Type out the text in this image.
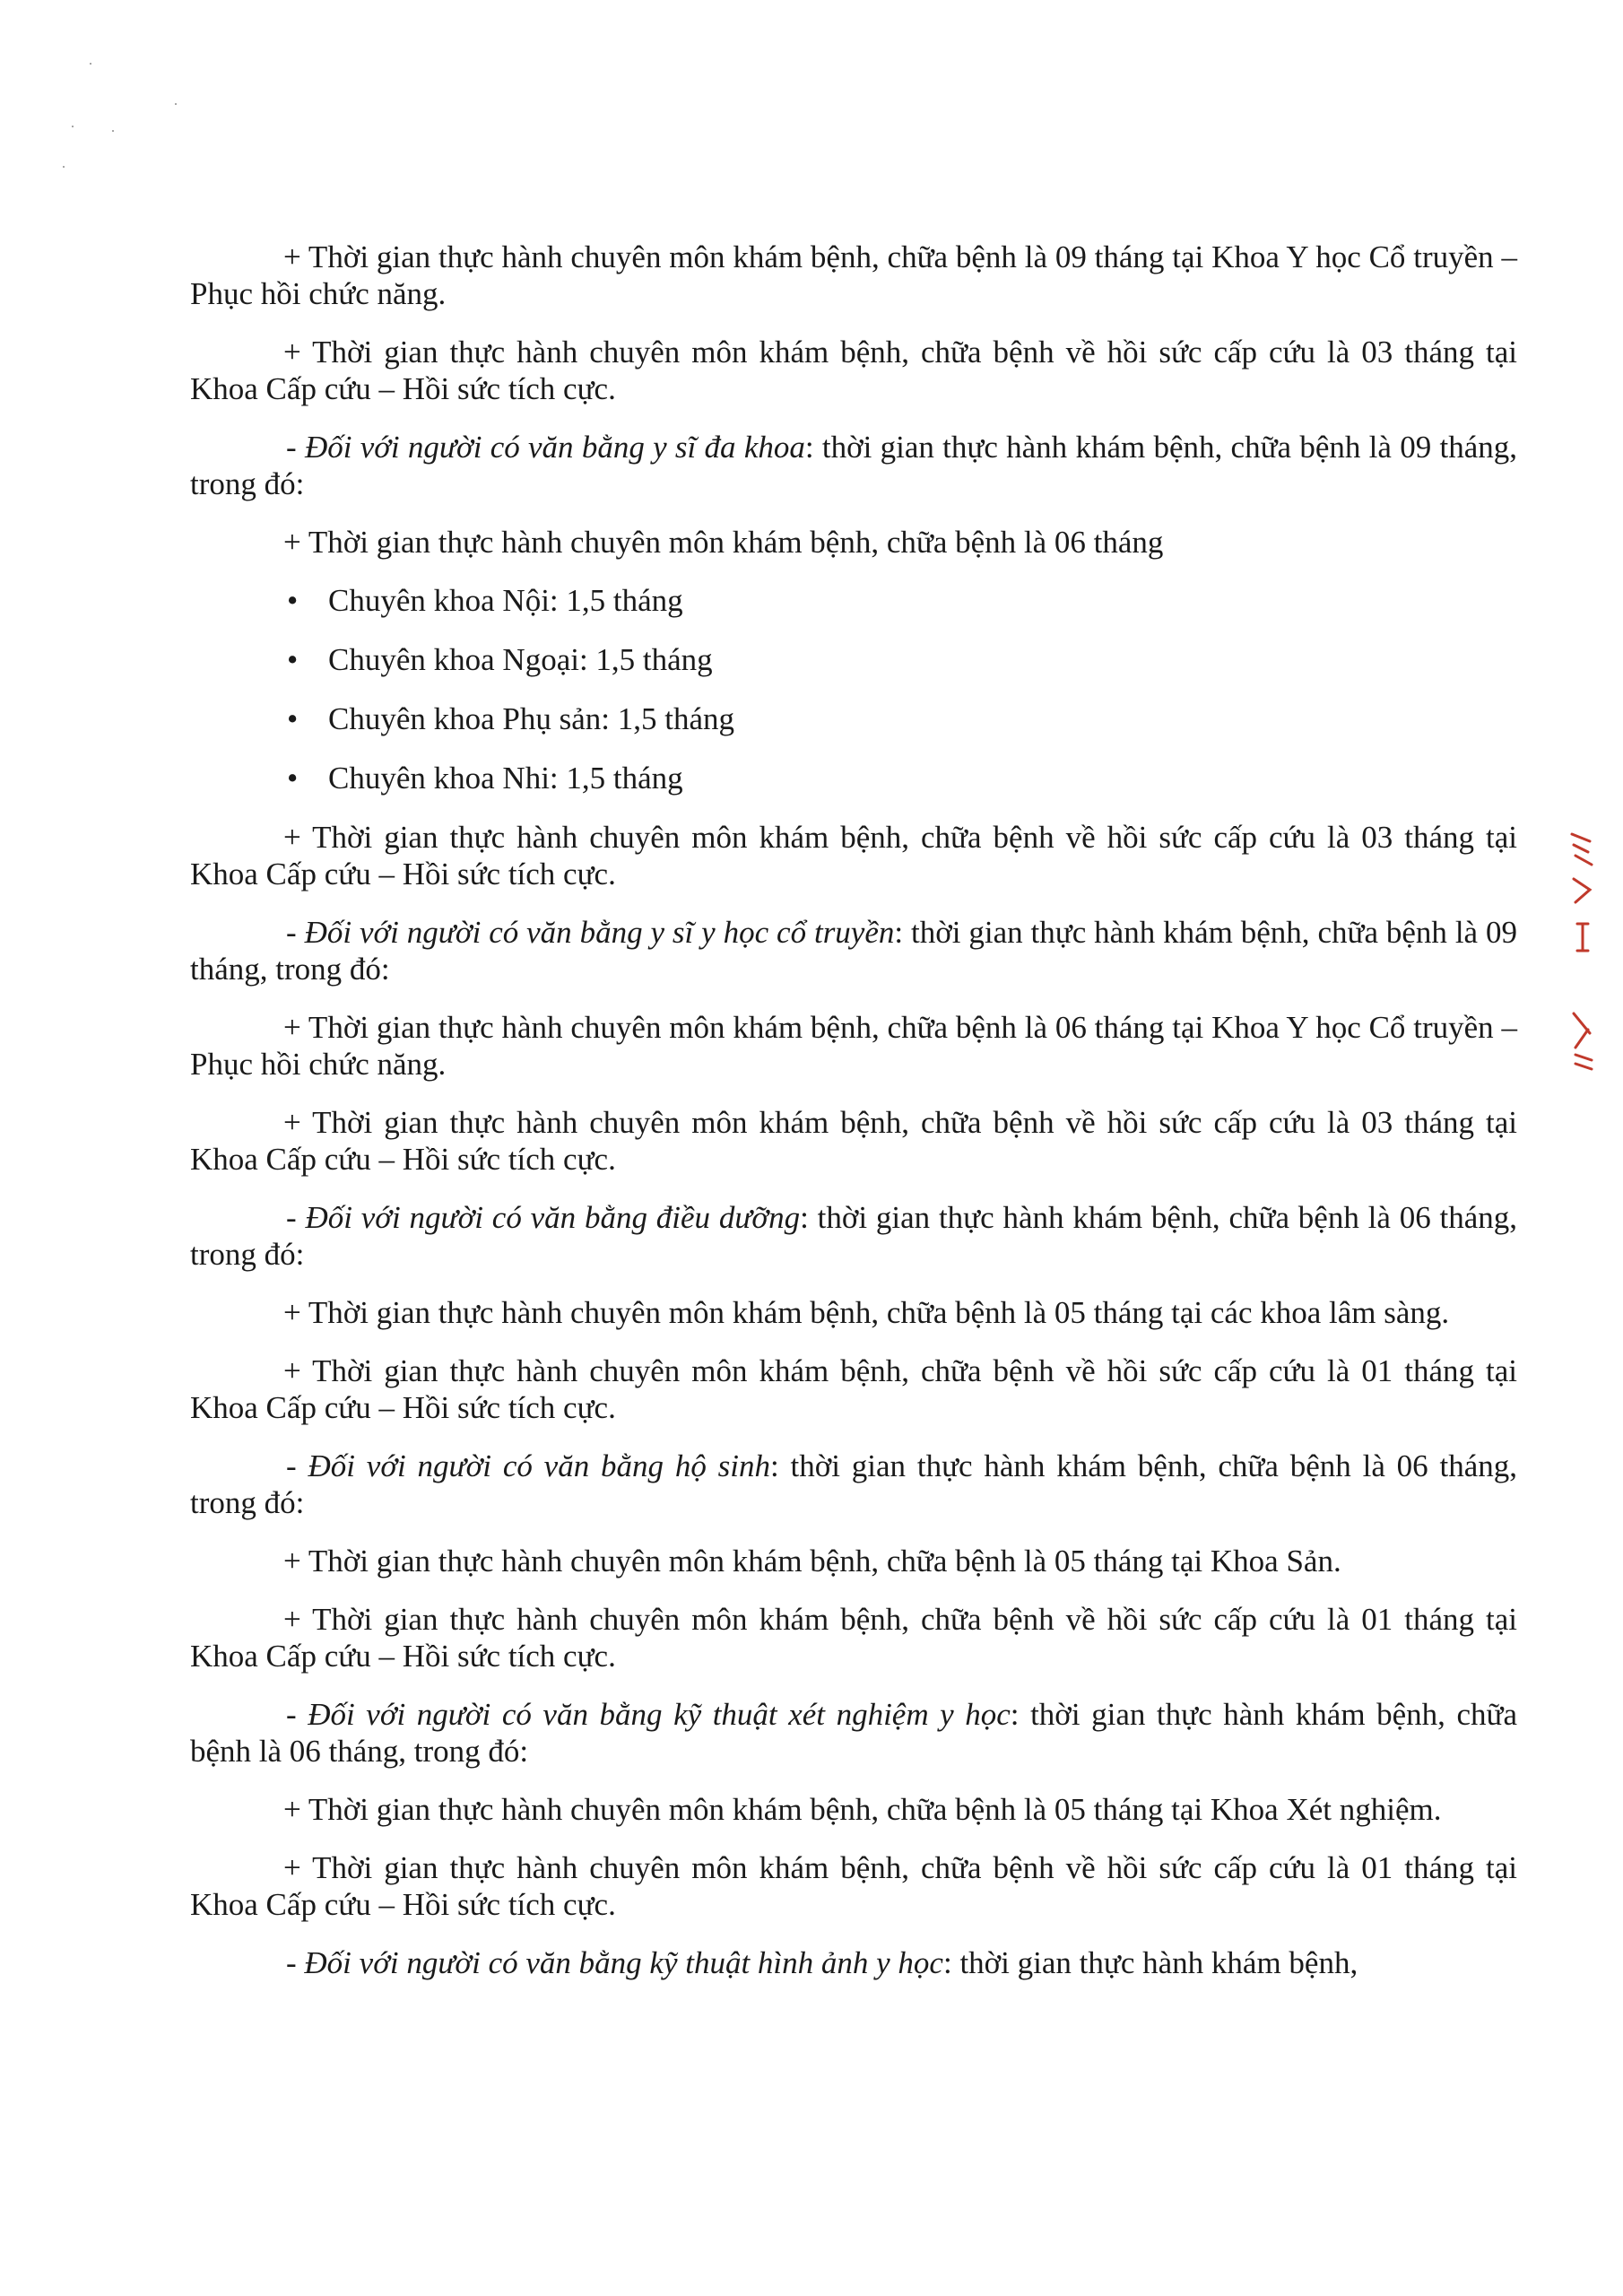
+ Thời gian thực hành chuyên môn khám bệnh, chữa bệnh là 09 tháng tại Khoa Y học Cổ truyền – Phục hồi chức năng.

+ Thời gian thực hành chuyên môn khám bệnh, chữa bệnh về hồi sức cấp cứu là 03 tháng tại Khoa Cấp cứu – Hồi sức tích cực.

- Đối với người có văn bằng y sĩ đa khoa: thời gian thực hành khám bệnh, chữa bệnh là 09 tháng, trong đó:

+ Thời gian thực hành chuyên môn khám bệnh, chữa bệnh là 06 tháng

• Chuyên khoa Nội: 1,5 tháng

• Chuyên khoa Ngoại: 1,5 tháng

• Chuyên khoa Phụ sản: 1,5 tháng

• Chuyên khoa Nhi: 1,5 tháng

+ Thời gian thực hành chuyên môn khám bệnh, chữa bệnh về hồi sức cấp cứu là 03 tháng tại Khoa Cấp cứu – Hồi sức tích cực.

- Đối với người có văn bằng y sĩ y học cổ truyền: thời gian thực hành khám bệnh, chữa bệnh là 09 tháng, trong đó:

+ Thời gian thực hành chuyên môn khám bệnh, chữa bệnh là 06 tháng tại Khoa Y học Cổ truyền – Phục hồi chức năng.

+ Thời gian thực hành chuyên môn khám bệnh, chữa bệnh về hồi sức cấp cứu là 03 tháng tại Khoa Cấp cứu – Hồi sức tích cực.

- Đối với người có văn bằng điều dưỡng: thời gian thực hành khám bệnh, chữa bệnh là 06 tháng, trong đó:

+ Thời gian thực hành chuyên môn khám bệnh, chữa bệnh là 05 tháng tại các khoa lâm sàng.

+ Thời gian thực hành chuyên môn khám bệnh, chữa bệnh về hồi sức cấp cứu là 01 tháng tại Khoa Cấp cứu – Hồi sức tích cực.

- Đối với người có văn bằng hộ sinh: thời gian thực hành khám bệnh, chữa bệnh là 06 tháng, trong đó:

+ Thời gian thực hành chuyên môn khám bệnh, chữa bệnh là 05 tháng tại Khoa Sản.

+ Thời gian thực hành chuyên môn khám bệnh, chữa bệnh về hồi sức cấp cứu là 01 tháng tại Khoa Cấp cứu – Hồi sức tích cực.

- Đối với người có văn bằng kỹ thuật xét nghiệm y học: thời gian thực hành khám bệnh, chữa bệnh là 06 tháng, trong đó:

+ Thời gian thực hành chuyên môn khám bệnh, chữa bệnh là 05 tháng tại Khoa Xét nghiệm.

+ Thời gian thực hành chuyên môn khám bệnh, chữa bệnh về hồi sức cấp cứu là 01 tháng tại Khoa Cấp cứu – Hồi sức tích cực.

- Đối với người có văn bằng kỹ thuật hình ảnh y học: thời gian thực hành khám bệnh,
